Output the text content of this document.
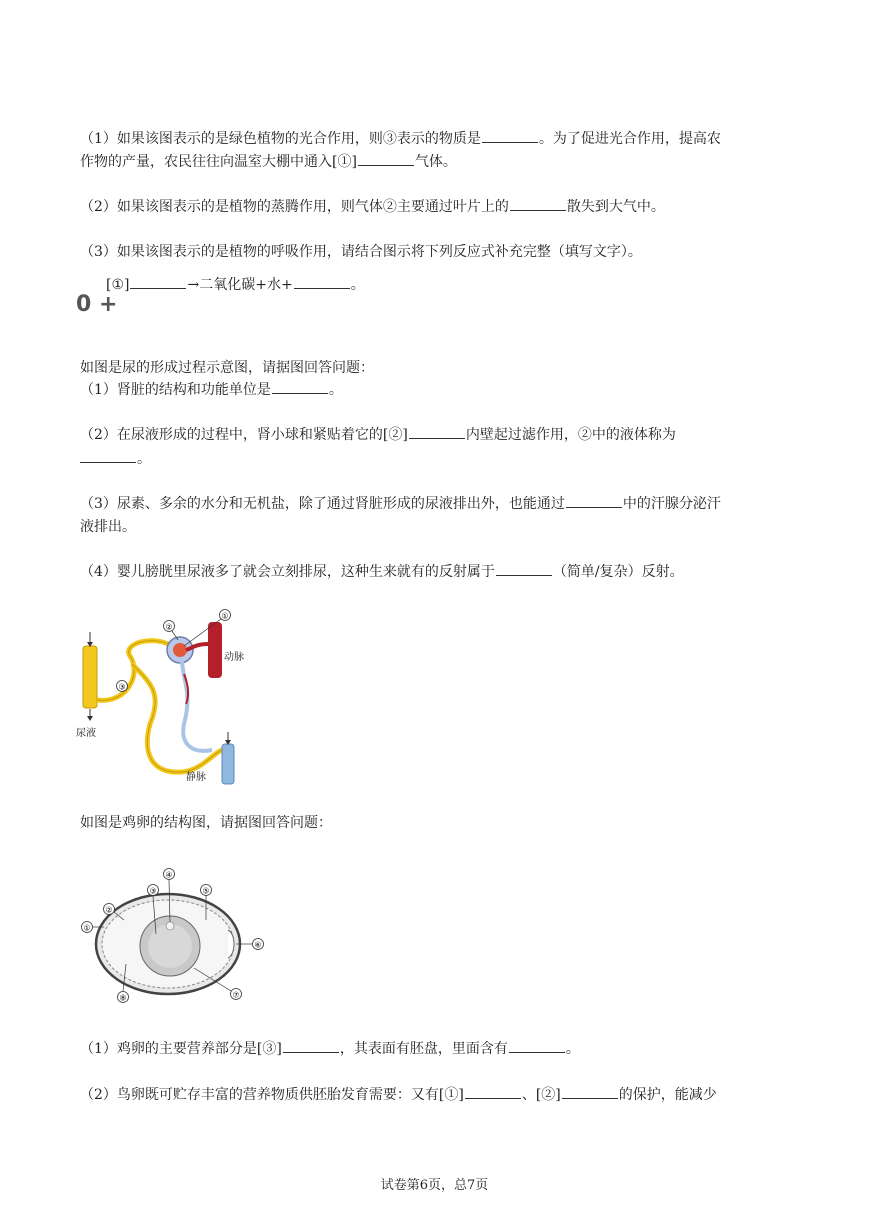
（1）如果该图表示的是绿色植物的光合作用，则③表示的物质是	。为了促进光合作用，提高农
作物的产量，农民往往向温室大棚中通入[①]	气体。
（2）如果该图表示的是植物的蒸腾作用，则气体②主要通过叶片上的	散失到大气中。
（3）如果该图表示的是植物的呼吸作用，请结合图示将下列反应式补充完整（填写文字）。
[①]	→二氧化碳+水+	。
0 +
如图是尿的形成过程示意图，请据图回答问题：
（1）肾脏的结构和功能单位是	。
（2）在尿液形成的过程中，肾小球和紧贴着它的[②]	内壁起过滤作用，②中的液体称为
。
（3）尿素、多余的水分和无机盐，除了通过肾脏形成的尿液排出外，也能通过	中的汗腺分泌汗
液排出。
（4）婴儿膀胱里尿液多了就会立刻排尿，这种生来就有的反射属于	（简单/复杂）反射。
②
①
③
动脉
尿液
静脉
如图是鸡卵的结构图，请据图回答问题：
④
③	⑤
②
①
⑥
⑦
⑧
（1）鸡卵的主要营养部分是[③]	，其表面有胚盘，里面含有	。
（2）鸟卵既可贮存丰富的营养物质供胚胎发育需要：又有[①]	、[②]	的保护，能减少
试卷第6页，总7页
